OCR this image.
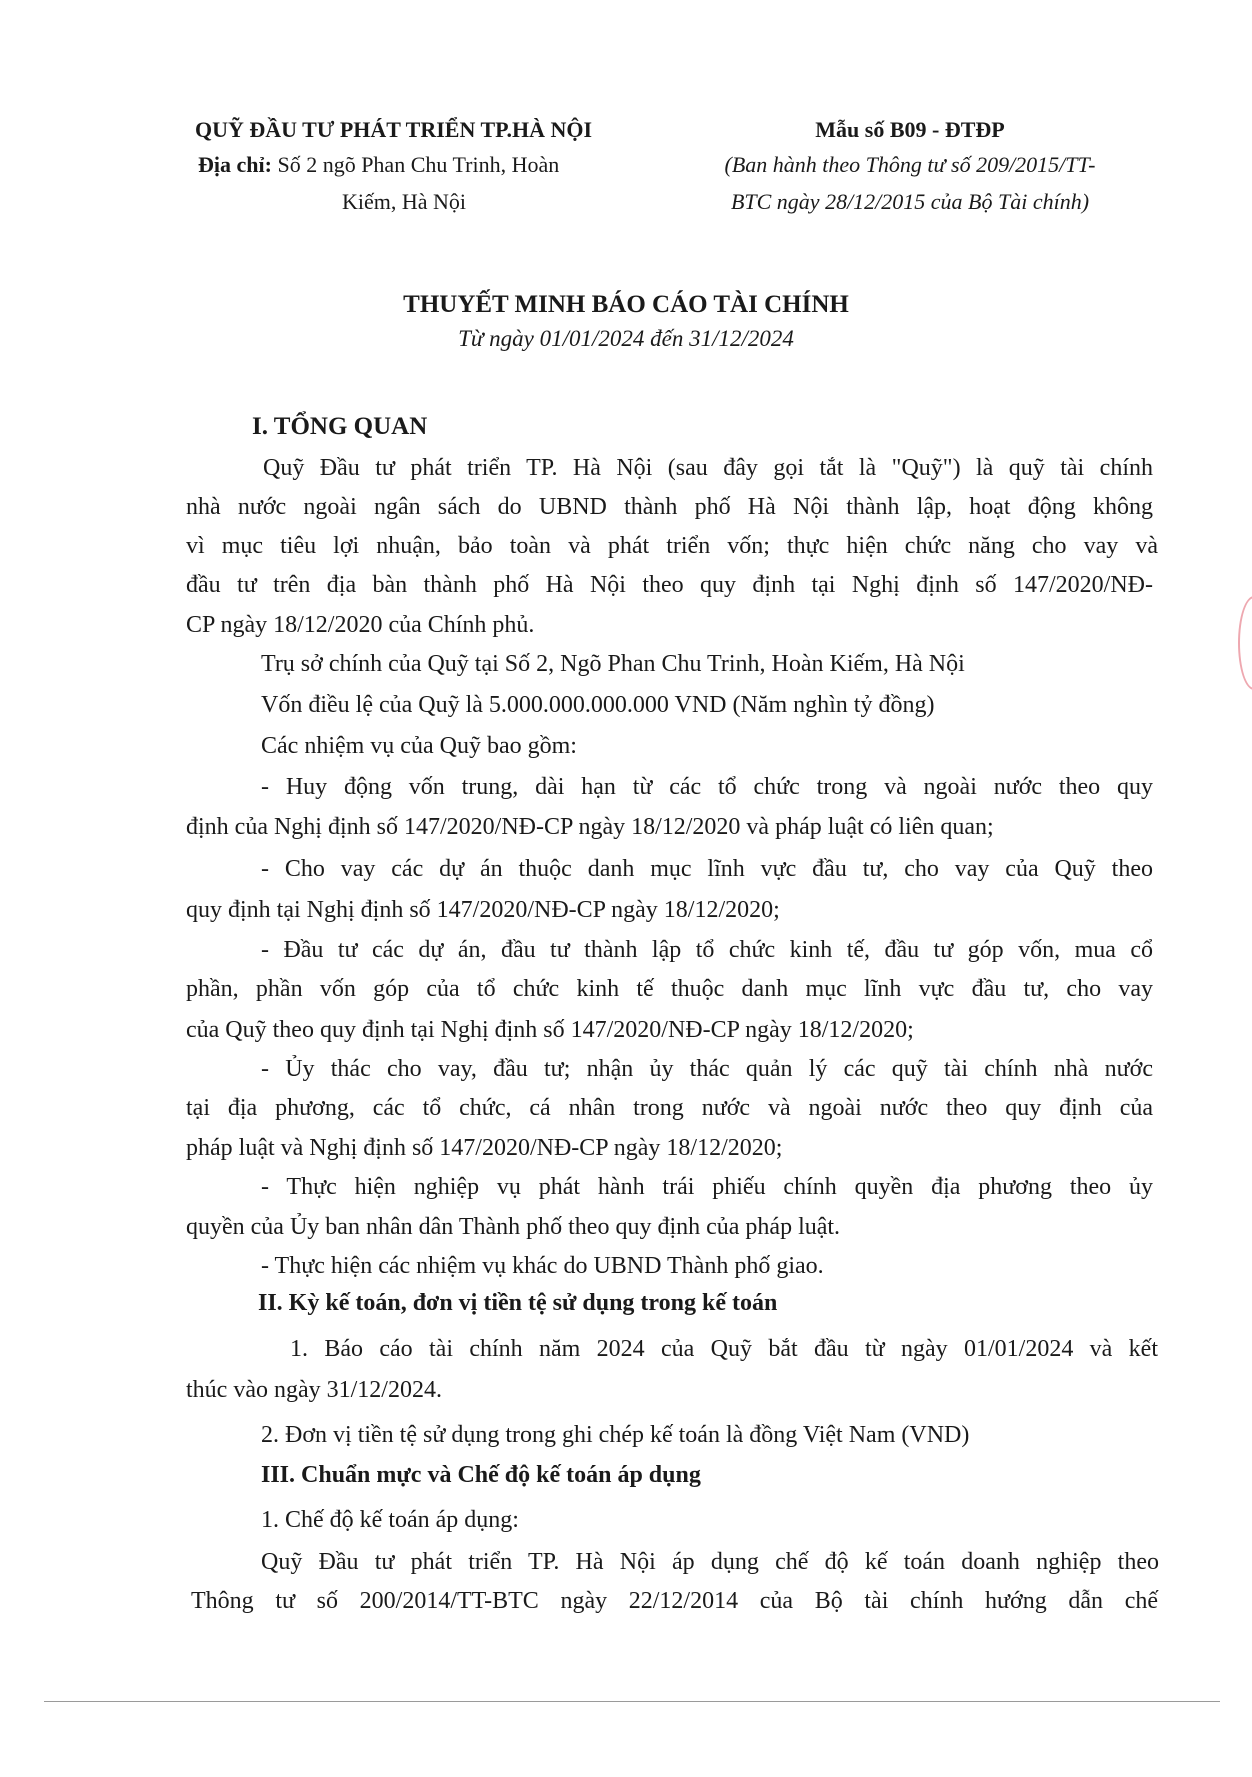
QUỸ ĐẦU TƯ PHÁT TRIỂN TP.HÀ NỘI
Địa chỉ: Số 2 ngõ Phan Chu Trinh, Hoàn
Kiếm, Hà Nội
Mẫu số B09 - ĐTĐP
(Ban hành theo Thông tư số 209/2015/TT-
BTC ngày 28/12/2015 của Bộ Tài chính)
THUYẾT MINH BÁO CÁO TÀI CHÍNH
Từ ngày 01/01/2024 đến 31/12/2024
I. TỔNG QUAN
Quỹ Đầu tư phát triển TP. Hà Nội (sau đây gọi tắt là "Quỹ") là quỹ tài chính
nhà nước ngoài ngân sách do UBND thành phố Hà Nội thành lập, hoạt động không
vì mục tiêu lợi nhuận, bảo toàn và phát triển vốn; thực hiện chức năng cho vay và
đầu tư trên địa bàn thành phố Hà Nội theo quy định tại Nghị định số 147/2020/NĐ-
CP ngày 18/12/2020 của Chính phủ.
Trụ sở chính của Quỹ tại Số 2, Ngõ Phan Chu Trinh, Hoàn Kiếm, Hà Nội
Vốn điều lệ của Quỹ là 5.000.000.000.000 VND (Năm nghìn tỷ đồng)
Các nhiệm vụ của Quỹ bao gồm:
- Huy động vốn trung, dài hạn từ các tổ chức trong và ngoài nước theo quy
định của Nghị định số 147/2020/NĐ-CP ngày 18/12/2020 và pháp luật có liên quan;
- Cho vay các dự án thuộc danh mục lĩnh vực đầu tư, cho vay của Quỹ theo
quy định tại Nghị định số 147/2020/NĐ-CP ngày 18/12/2020;
- Đầu tư các dự án, đầu tư thành lập tổ chức kinh tế, đầu tư góp vốn, mua cổ
phần, phần vốn góp của tổ chức kinh tế thuộc danh mục lĩnh vực đầu tư, cho vay
của Quỹ theo quy định tại Nghị định số 147/2020/NĐ-CP ngày 18/12/2020;
- Ủy thác cho vay, đầu tư; nhận ủy thác quản lý các quỹ tài chính nhà nước
tại địa phương, các tổ chức, cá nhân trong nước và ngoài nước theo quy định của
pháp luật và Nghị định số 147/2020/NĐ-CP ngày 18/12/2020;
- Thực hiện nghiệp vụ phát hành trái phiếu chính quyền địa phương theo ủy
quyền của Ủy ban nhân dân Thành phố theo quy định của pháp luật.
- Thực hiện các nhiệm vụ khác do UBND Thành phố giao.
II. Kỳ kế toán, đơn vị tiền tệ sử dụng trong kế toán
1. Báo cáo tài chính năm 2024 của Quỹ bắt đầu từ ngày 01/01/2024 và kết
thúc vào ngày 31/12/2024.
2. Đơn vị tiền tệ sử dụng trong ghi chép kế toán là đồng Việt Nam (VND)
III. Chuẩn mực và Chế độ kế toán áp dụng
1. Chế độ kế toán áp dụng:
Quỹ Đầu tư phát triển TP. Hà Nội áp dụng chế độ kế toán doanh nghiệp theo
Thông tư số 200/2014/TT-BTC ngày 22/12/2014 của Bộ tài chính hướng dẫn chế
